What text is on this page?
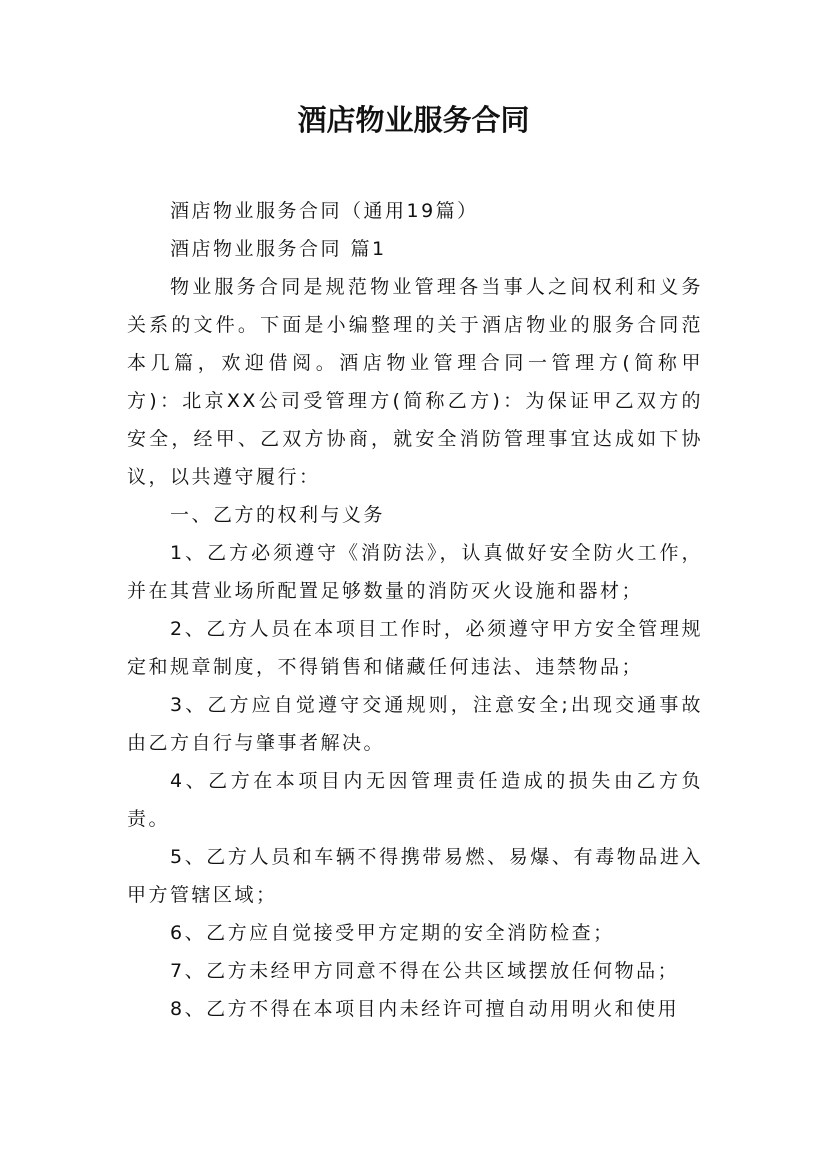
酒店物业服务合同

酒店物业服务合同（通用19篇）

酒店物业服务合同 篇1

物业服务合同是规范物业管理各当事人之间权利和义务关系的文件。下面是小编整理的关于酒店物业的服务合同范本几篇，欢迎借阅。酒店物业管理合同一管理方(简称甲方)：北京XX公司受管理方(简称乙方)：为保证甲乙双方的安全，经甲、乙双方协商，就安全消防管理事宜达成如下协议，以共遵守履行：

一、乙方的权利与义务

1、乙方必须遵守《消防法》，认真做好安全防火工作，并在其营业场所配置足够数量的消防灭火设施和器材；

2、乙方人员在本项目工作时，必须遵守甲方安全管理规定和规章制度，不得销售和储藏任何违法、违禁物品；

3、乙方应自觉遵守交通规则，注意安全;出现交通事故由乙方自行与肇事者解决。

4、乙方在本项目内无因管理责任造成的损失由乙方负责。

5、乙方人员和车辆不得携带易燃、易爆、有毒物品进入甲方管辖区域；

6、乙方应自觉接受甲方定期的安全消防检查；

7、乙方未经甲方同意不得在公共区域摆放任何物品；

8、乙方不得在本项目内未经许可擅自动用明火和使用
